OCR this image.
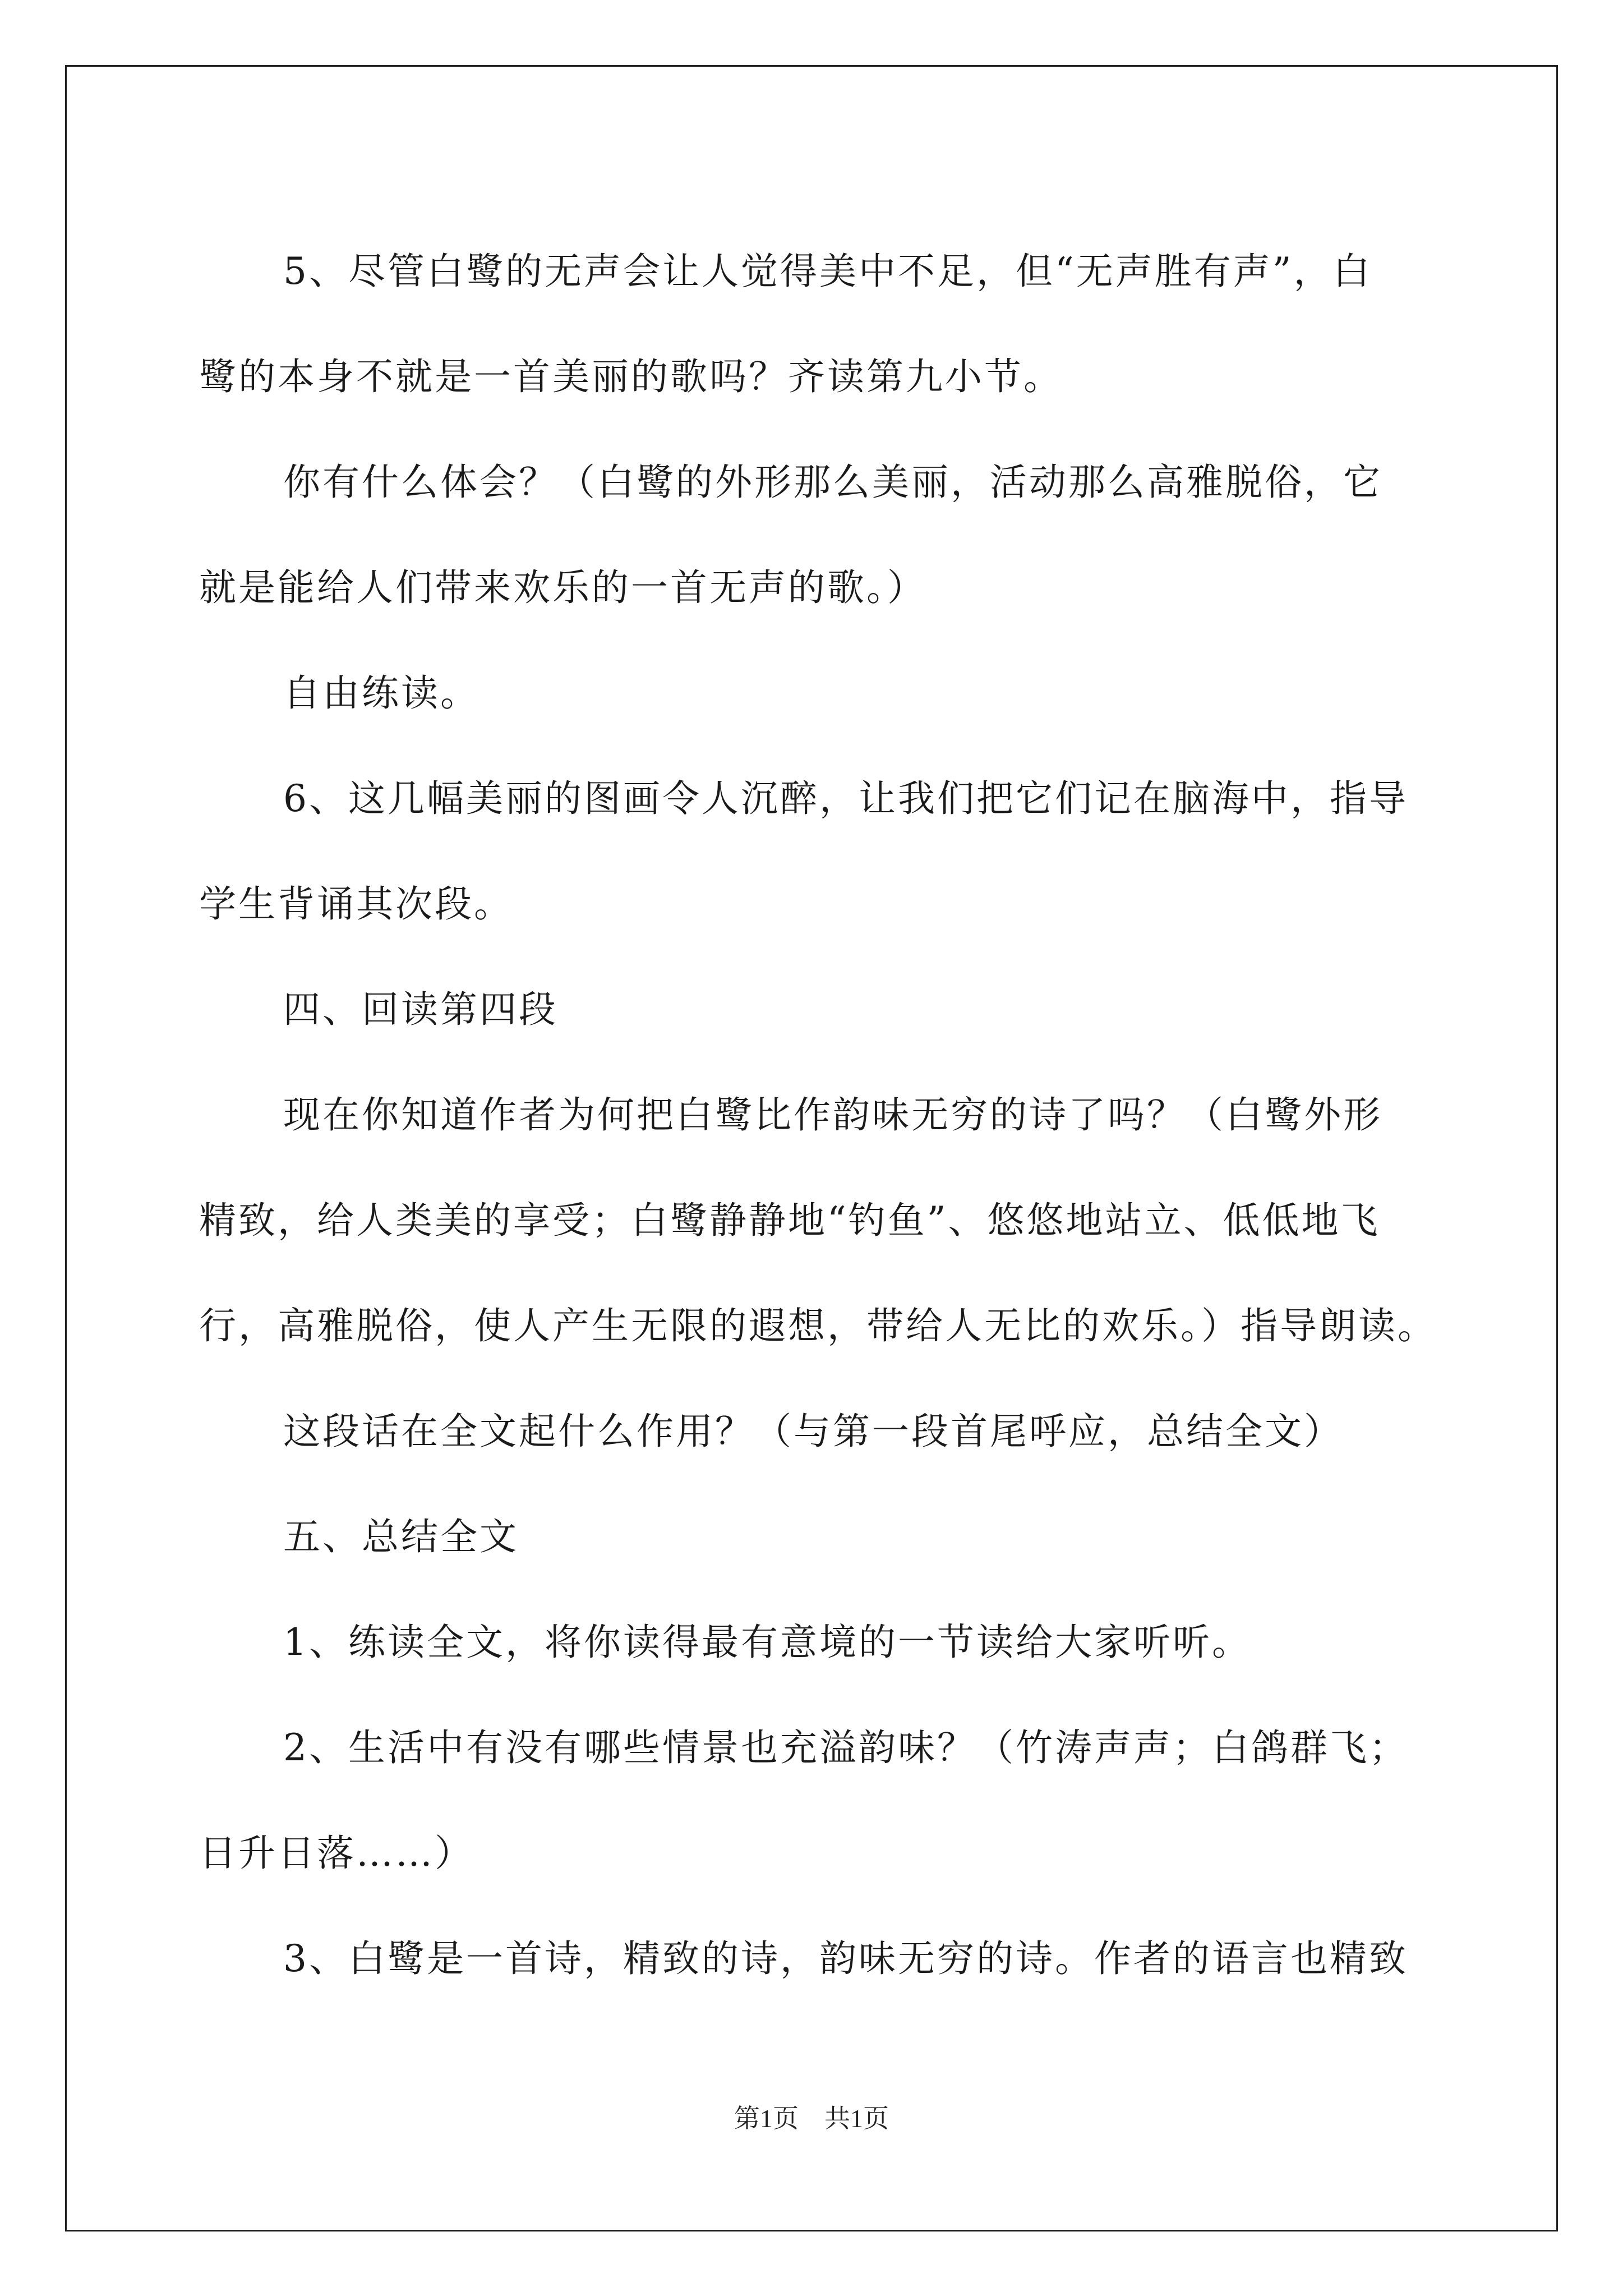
5、尽管白鹭的无声会让人觉得美中不足，但“无声胜有声”，白

鹭的本身不就是一首美丽的歌吗？齐读第九小节。

你有什么体会？（白鹭的外形那么美丽，活动那么高雅脱俗，它

就是能给人们带来欢乐的一首无声的歌。）

自由练读。

6、这几幅美丽的图画令人沉醉，让我们把它们记在脑海中，指导

学生背诵其次段。

四、回读第四段

现在你知道作者为何把白鹭比作韵味无穷的诗了吗？（白鹭外形

精致，给人类美的享受；白鹭静静地“钓鱼”、悠悠地站立、低低地飞

行，高雅脱俗，使人产生无限的遐想，带给人无比的欢乐。）指导朗读。

这段话在全文起什么作用？（与第一段首尾呼应，总结全文）

五、总结全文

1、练读全文，将你读得最有意境的一节读给大家听听。

2、生活中有没有哪些情景也充溢韵味？（竹涛声声；白鸽群飞；

日升日落……）

3、白鹭是一首诗，精致的诗，韵味无穷的诗。作者的语言也精致

第1页　共1页
